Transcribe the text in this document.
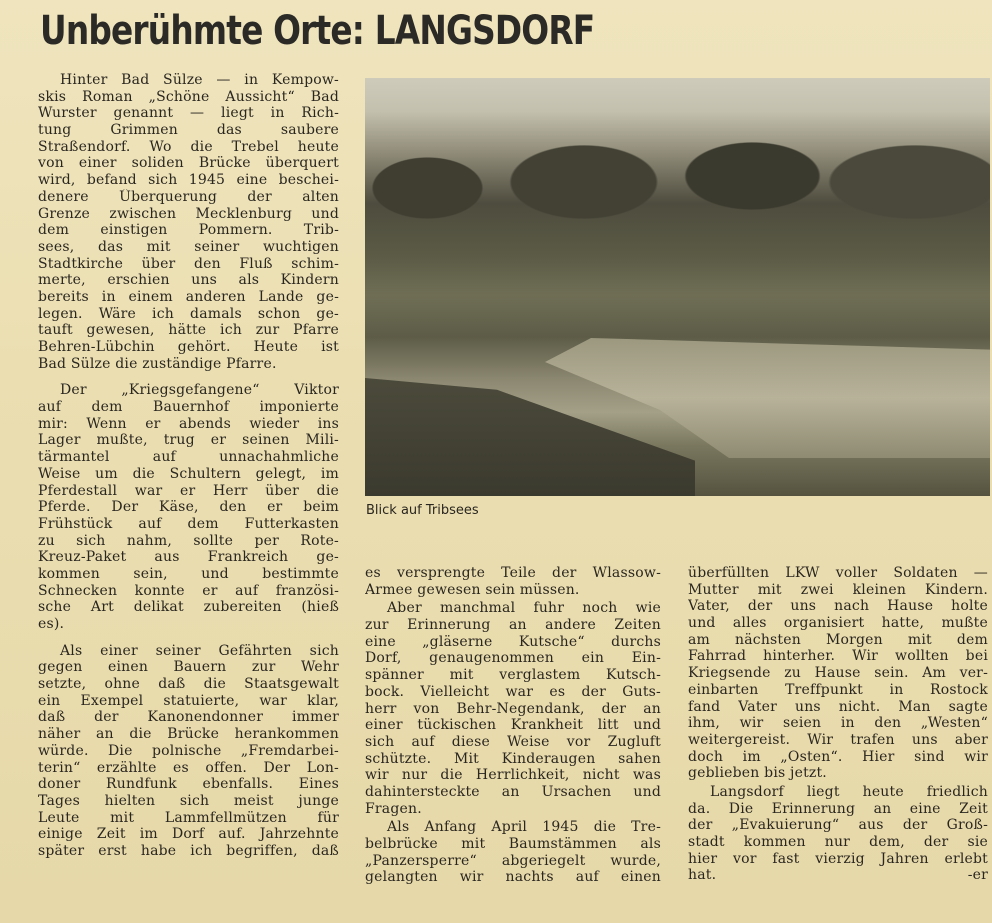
Unberühmte Orte: LANGSDORF
Blick auf Tribsees
Hinter Bad Sülze — in Kempow-
skis Roman „Schöne Aussicht“ Bad
Wurster genannt — liegt in Rich-
tung Grimmen das saubere
Straßendorf. Wo die Trebel heute
von einer soliden Brücke überquert
wird, befand sich 1945 eine beschei-
denere Überquerung der alten
Grenze zwischen Mecklenburg und
dem einstigen Pommern. Trib-
sees, das mit seiner wuchtigen
Stadtkirche über den Fluß schim-
merte, erschien uns als Kindern
bereits in einem anderen Lande ge-
legen. Wäre ich damals schon ge-
tauft gewesen, hätte ich zur Pfarre
Behren-Lübchin gehört. Heute ist
Bad Sülze die zuständige Pfarre.
Der „Kriegsgefangene“ Viktor
auf dem Bauernhof imponierte
mir: Wenn er abends wieder ins
Lager mußte, trug er seinen Mili-
tärmantel auf unnachahmliche
Weise um die Schultern gelegt, im
Pferdestall war er Herr über die
Pferde. Der Käse, den er beim
Frühstück auf dem Futterkasten
zu sich nahm, sollte per Rote-
Kreuz-Paket aus Frankreich ge-
kommen sein, und bestimmte
Schnecken konnte er auf französi-
sche Art delikat zubereiten (hieß
es).
Als einer seiner Gefährten sich
gegen einen Bauern zur Wehr
setzte, ohne daß die Staatsgewalt
ein Exempel statuierte, war klar,
daß der Kanonendonner immer
näher an die Brücke herankommen
würde. Die polnische „Fremdarbei-
terin“ erzählte es offen. Der Lon-
doner Rundfunk ebenfalls. Eines
Tages hielten sich meist junge
Leute mit Lammfellmützen für
einige Zeit im Dorf auf. Jahrzehnte
später erst habe ich begriffen, daß
es versprengte Teile der Wlassow-
Armee gewesen sein müssen.
Aber manchmal fuhr noch wie
zur Erinnerung an andere Zeiten
eine „gläserne Kutsche“ durchs
Dorf, genaugenommen ein Ein-
spänner mit verglastem Kutsch-
bock. Vielleicht war es der Guts-
herr von Behr-Negendank, der an
einer tückischen Krankheit litt und
sich auf diese Weise vor Zugluft
schützte. Mit Kinderaugen sahen
wir nur die Herrlichkeit, nicht was
dahintersteckte an Ursachen und
Fragen.
Als Anfang April 1945 die Tre-
belbrücke mit Baumstämmen als
„Panzersperre“ abgeriegelt wurde,
gelangten wir nachts auf einen
überfüllten LKW voller Soldaten —
Mutter mit zwei kleinen Kindern.
Vater, der uns nach Hause holte
und alles organisiert hatte, mußte
am nächsten Morgen mit dem
Fahrrad hinterher. Wir wollten bei
Kriegsende zu Hause sein. Am ver-
einbarten Treffpunkt in Rostock
fand Vater uns nicht. Man sagte
ihm, wir seien in den „Westen“
weitergereist. Wir trafen uns aber
doch im „Osten“. Hier sind wir
geblieben bis jetzt.
Langsdorf liegt heute friedlich
da. Die Erinnerung an eine Zeit
der „Evakuierung“ aus der Groß-
stadt kommen nur dem, der sie
hier vor fast vierzig Jahren erlebt
hat.	-er
